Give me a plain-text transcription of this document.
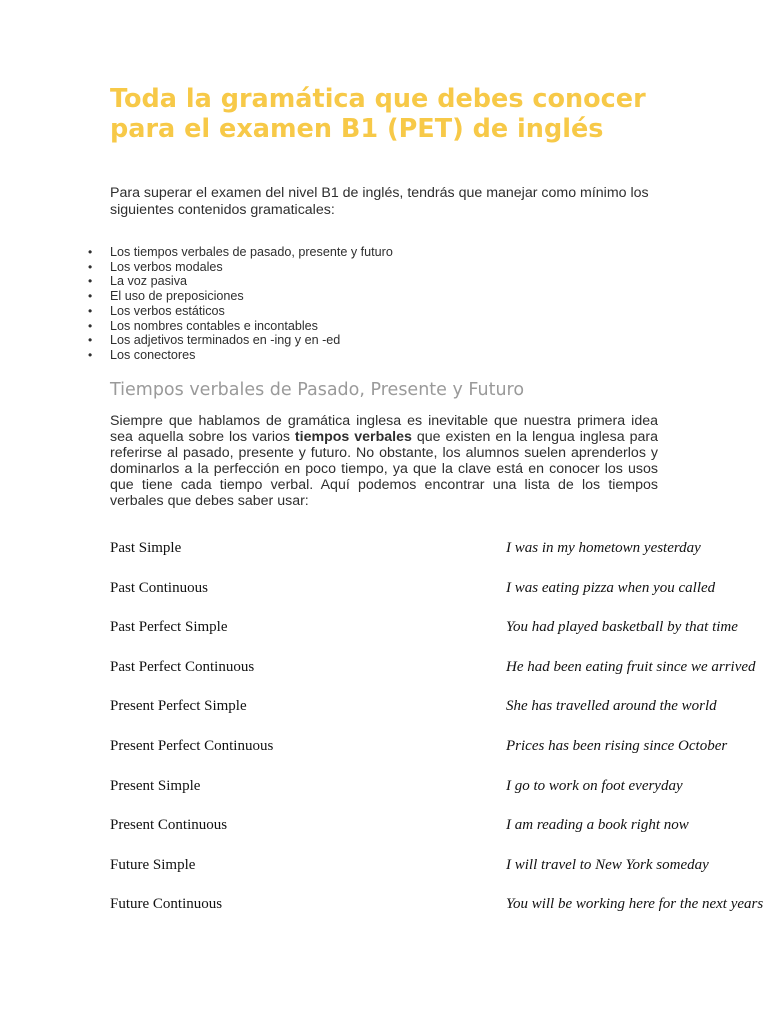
Toda la gramática que debes conocer para el examen B1 (PET) de inglés

Para superar el examen del nivel B1 de inglés, tendrás que manejar como mínimo los siguientes contenidos gramaticales:

• Los tiempos verbales de pasado, presente y futuro
• Los verbos modales
• La voz pasiva
• El uso de preposiciones
• Los verbos estáticos
• Los nombres contables e incontables
• Los adjetivos terminados en -ing y en -ed
• Los conectores
Tiempos verbales de Pasado, Presente y Futuro

Siempre que hablamos de gramática inglesa es inevitable que nuestra primera idea sea aquella sobre los varios tiempos verbales que existen en la lengua inglesa para referirse al pasado, presente y futuro. No obstante, los alumnos suelen aprenderlos y dominarlos a la perfección en poco tiempo, ya que la clave está en conocer los usos que tiene cada tiempo verbal. Aquí podemos encontrar una lista de los tiempos verbales que debes saber usar:

Past Simple	I was in my hometown yesterday
Past Continuous	I was eating pizza when you called
Past Perfect Simple	You had played basketball by that time
Past Perfect Continuous	He had been eating fruit since we arrived
Present Perfect Simple	She has travelled around the world
Present Perfect Continuous	Prices has been rising since October
Present Simple	I go to work on foot everyday
Present Continuous	I am reading a book right now
Future Simple	I will travel to New York someday
Future Continuous	You will be working here for the next years
